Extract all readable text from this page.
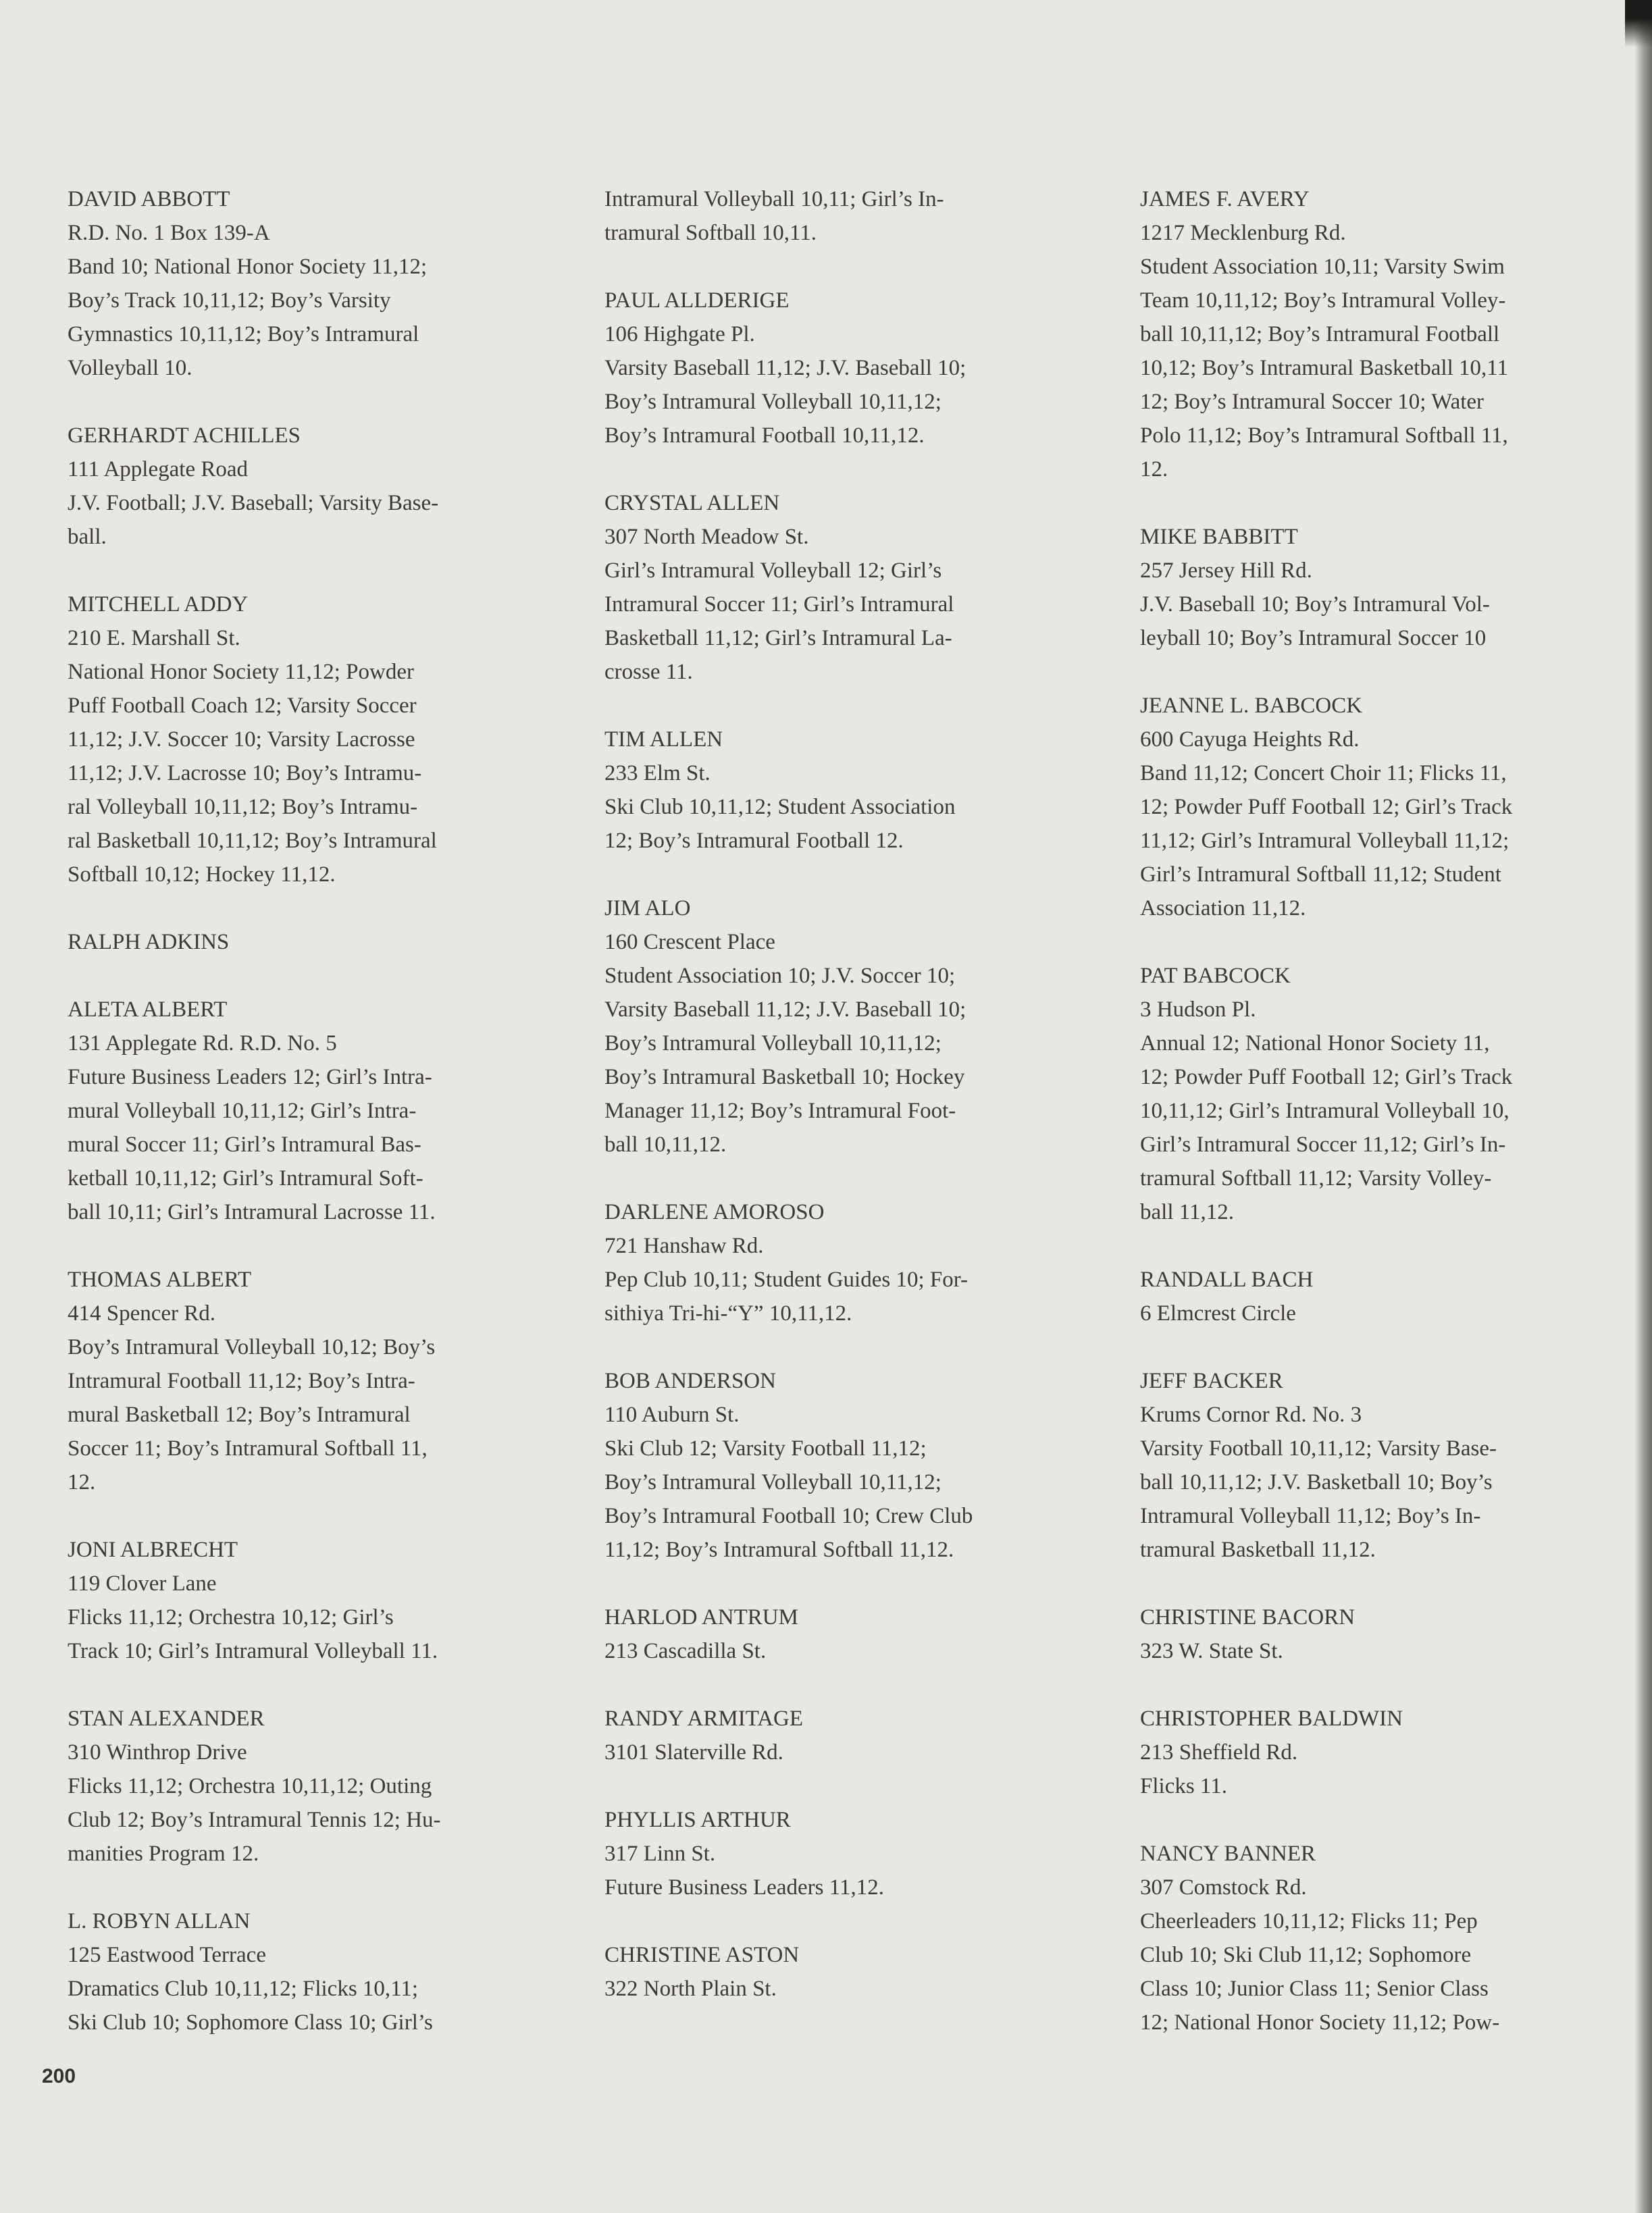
DAVID ABBOTT

R.D. No. 1 Box 139-A

Band 10; National Honor Society 11,12;

Boy’s Track 10,11,12; Boy’s Varsity

Gymnastics 10,11,12; Boy’s Intramural

Volleyball 10.

GERHARDT ACHILLES

111 Applegate Road

J.V. Football; J.V. Baseball; Varsity Base-

ball.

MITCHELL ADDY

210 E. Marshall St.

National Honor Society 11,12; Powder

Puff Football Coach 12; Varsity Soccer

11,12; J.V. Soccer 10; Varsity Lacrosse

11,12; J.V. Lacrosse 10; Boy’s Intramu-

ral Volleyball 10,11,12; Boy’s Intramu-

ral Basketball 10,11,12; Boy’s Intramural

Softball 10,12; Hockey 11,12.

RALPH ADKINS

ALETA ALBERT

131 Applegate Rd. R.D. No. 5

Future Business Leaders 12; Girl’s Intra-

mural Volleyball 10,11,12; Girl’s Intra-

mural Soccer 11; Girl’s Intramural Bas-

ketball 10,11,12; Girl’s Intramural Soft-

ball 10,11; Girl’s Intramural Lacrosse 11.

THOMAS ALBERT

414 Spencer Rd.

Boy’s Intramural Volleyball 10,12; Boy’s

Intramural Football 11,12; Boy’s Intra-

mural Basketball 12; Boy’s Intramural

Soccer 11; Boy’s Intramural Softball 11,

12.

JONI ALBRECHT

119 Clover Lane

Flicks 11,12; Orchestra 10,12; Girl’s

Track 10; Girl’s Intramural Volleyball 11.

STAN ALEXANDER

310 Winthrop Drive

Flicks 11,12; Orchestra 10,11,12; Outing

Club 12; Boy’s Intramural Tennis 12; Hu-

manities Program 12.

L. ROBYN ALLAN

125 Eastwood Terrace

Dramatics Club 10,11,12; Flicks 10,11;

Ski Club 10; Sophomore Class 10; Girl’s

Intramural Volleyball 10,11; Girl’s In-

tramural Softball 10,11.

PAUL ALLDERIGE

106 Highgate Pl.

Varsity Baseball 11,12; J.V. Baseball 10;

Boy’s Intramural Volleyball 10,11,12;

Boy’s Intramural Football 10,11,12.

CRYSTAL ALLEN

307 North Meadow St.

Girl’s Intramural Volleyball 12; Girl’s

Intramural Soccer 11; Girl’s Intramural

Basketball 11,12; Girl’s Intramural La-

crosse 11.

TIM ALLEN

233 Elm St.

Ski Club 10,11,12; Student Association

12; Boy’s Intramural Football 12.

JIM ALO

160 Crescent Place

Student Association 10; J.V. Soccer 10;

Varsity Baseball 11,12; J.V. Baseball 10;

Boy’s Intramural Volleyball 10,11,12;

Boy’s Intramural Basketball 10; Hockey

Manager 11,12; Boy’s Intramural Foot-

ball 10,11,12.

DARLENE AMOROSO

721 Hanshaw Rd.

Pep Club 10,11; Student Guides 10; For-

sithiya Tri-hi-“Y” 10,11,12.

BOB ANDERSON

110 Auburn St.

Ski Club 12; Varsity Football 11,12;

Boy’s Intramural Volleyball 10,11,12;

Boy’s Intramural Football 10; Crew Club

11,12; Boy’s Intramural Softball 11,12.

HARLOD ANTRUM

213 Cascadilla St.

RANDY ARMITAGE

3101 Slaterville Rd.

PHYLLIS ARTHUR

317 Linn St.

Future Business Leaders 11,12.

CHRISTINE ASTON

322 North Plain St.

JAMES F. AVERY

1217 Mecklenburg Rd.

Student Association 10,11; Varsity Swim

Team 10,11,12; Boy’s Intramural Volley-

ball 10,11,12; Boy’s Intramural Football

10,12; Boy’s Intramural Basketball 10,11

12; Boy’s Intramural Soccer 10; Water

Polo 11,12; Boy’s Intramural Softball 11,

12.

MIKE BABBITT

257 Jersey Hill Rd.

J.V. Baseball 10; Boy’s Intramural Vol-

leyball 10; Boy’s Intramural Soccer 10

JEANNE L. BABCOCK

600 Cayuga Heights Rd.

Band 11,12; Concert Choir 11; Flicks 11,

12; Powder Puff Football 12; Girl’s Track

11,12; Girl’s Intramural Volleyball 11,12;

Girl’s Intramural Softball 11,12; Student

Association 11,12.

PAT BABCOCK

3 Hudson Pl.

Annual 12; National Honor Society 11,

12; Powder Puff Football 12; Girl’s Track

10,11,12; Girl’s Intramural Volleyball 10,

Girl’s Intramural Soccer 11,12; Girl’s In-

tramural Softball 11,12; Varsity Volley-

ball 11,12.

RANDALL BACH

6 Elmcrest Circle

JEFF BACKER

Krums Cornor Rd. No. 3

Varsity Football 10,11,12; Varsity Base-

ball 10,11,12; J.V. Basketball 10; Boy’s

Intramural Volleyball 11,12; Boy’s In-

tramural Basketball 11,12.

CHRISTINE BACORN

323 W. State St.

CHRISTOPHER BALDWIN

213 Sheffield Rd.

Flicks 11.

NANCY BANNER

307 Comstock Rd.

Cheerleaders 10,11,12; Flicks 11; Pep

Club 10; Ski Club 11,12; Sophomore

Class 10; Junior Class 11; Senior Class

12; National Honor Society 11,12; Pow-

200
